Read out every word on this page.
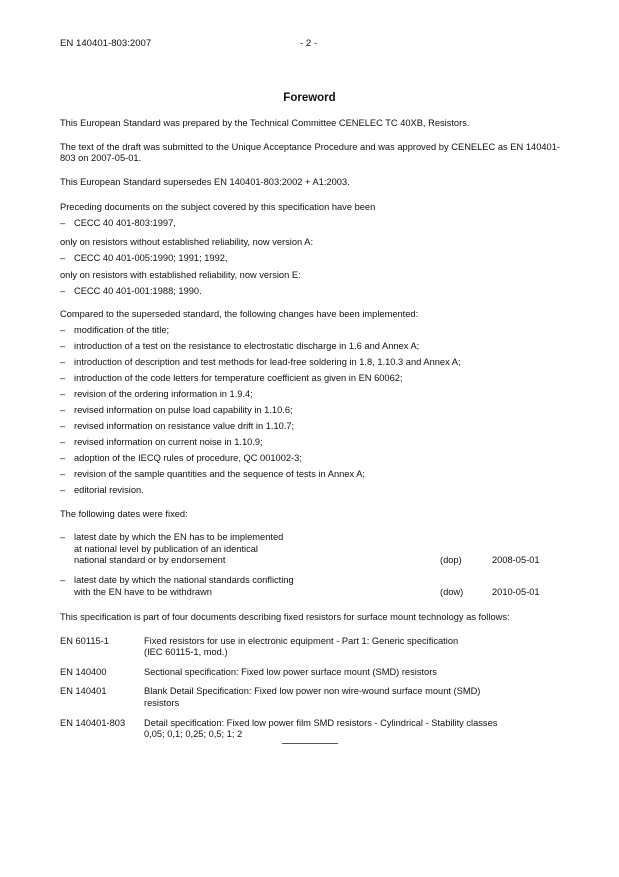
EN 140401-803:2007	- 2 -
Foreword

This European Standard was prepared by the Technical Committee CENELEC TC 40XB, Resistors.

The text of the draft was submitted to the Unique Acceptance Procedure and was approved by CENELEC as EN 140401-803 on 2007-05-01.

This European Standard supersedes EN 140401-803:2002 + A1:2003.

Preceding documents on the subject covered by this specification have been

– CECC 40 401-803:1997,

only on resistors without established reliability, now version A:

– CECC 40 401-005:1990; 1991; 1992,

only on resistors with established reliability, now version E:

– CECC 40 401-001:1988; 1990.

Compared to the superseded standard, the following changes have been implemented:

– modification of the title;
– introduction of a test on the resistance to electrostatic discharge in 1.6 and Annex A;
– introduction of description and test methods for lead-free soldering in 1.8, 1.10.3 and Annex A;
– introduction of the code letters for temperature coefficient as given in EN 60062;
– revision of the ordering information in 1.9.4;
– revised information on pulse load capability in 1.10.6;
– revised information on resistance value drift in 1.10.7;
– revised information on current noise in 1.10.9;
– adoption of the IECQ rules of procedure, QC 001002-3;
– revision of the sample quantities and the sequence of tests in Annex A;
– editorial revision.

The following dates were fixed:

– latest date by which the EN has to be implemented
at national level by publication of an identical
national standard or by endorsement	(dop)	2008-05-01

– latest date by which the national standards conflicting
with the EN have to be withdrawn	(dow)	2010-05-01

This specification is part of four documents describing fixed resistors for surface mount technology as follows:

EN 60115-1	Fixed resistors for use in electronic equipment - Part 1: Generic specification
(IEC 60115-1, mod.)

EN 140400	Sectional specification: Fixed low power surface mount (SMD) resistors

EN 140401	Blank Detail Specification: Fixed low power non wire-wound surface mount (SMD)
resistors

EN 140401-803	Detail specification: Fixed low power film SMD resistors - Cylindrical - Stability classes
0,05; 0,1; 0,25; 0,5; 1; 2
